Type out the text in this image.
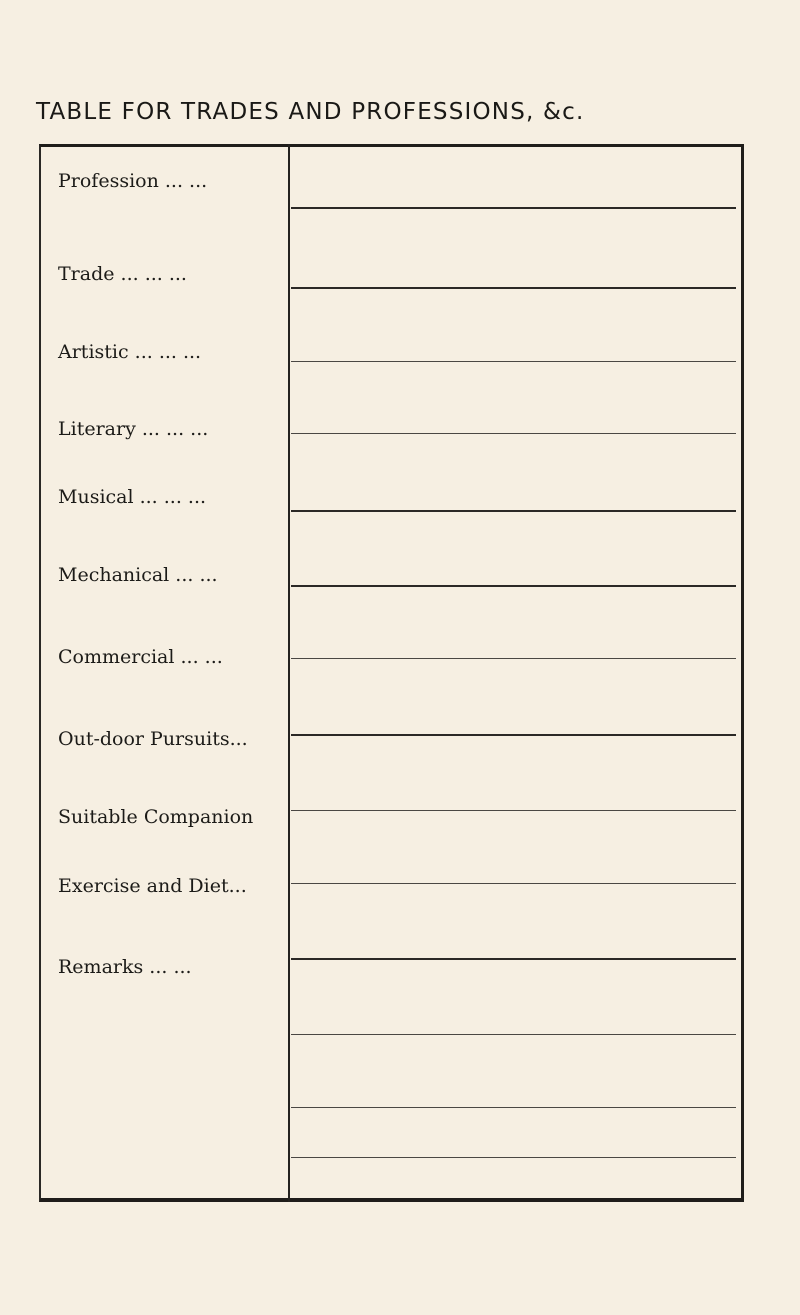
TABLE FOR TRADES AND PROFESSIONS, &c.
Profession ... ...
Trade ... ... ...
Artistic ... ... ...
Literary ... ... ...
Musical ... ... ...
Mechanical ... ...
Commercial ... ...
Out-door Pursuits...
Suitable Companion
Exercise and Diet...
Remarks ... ...
